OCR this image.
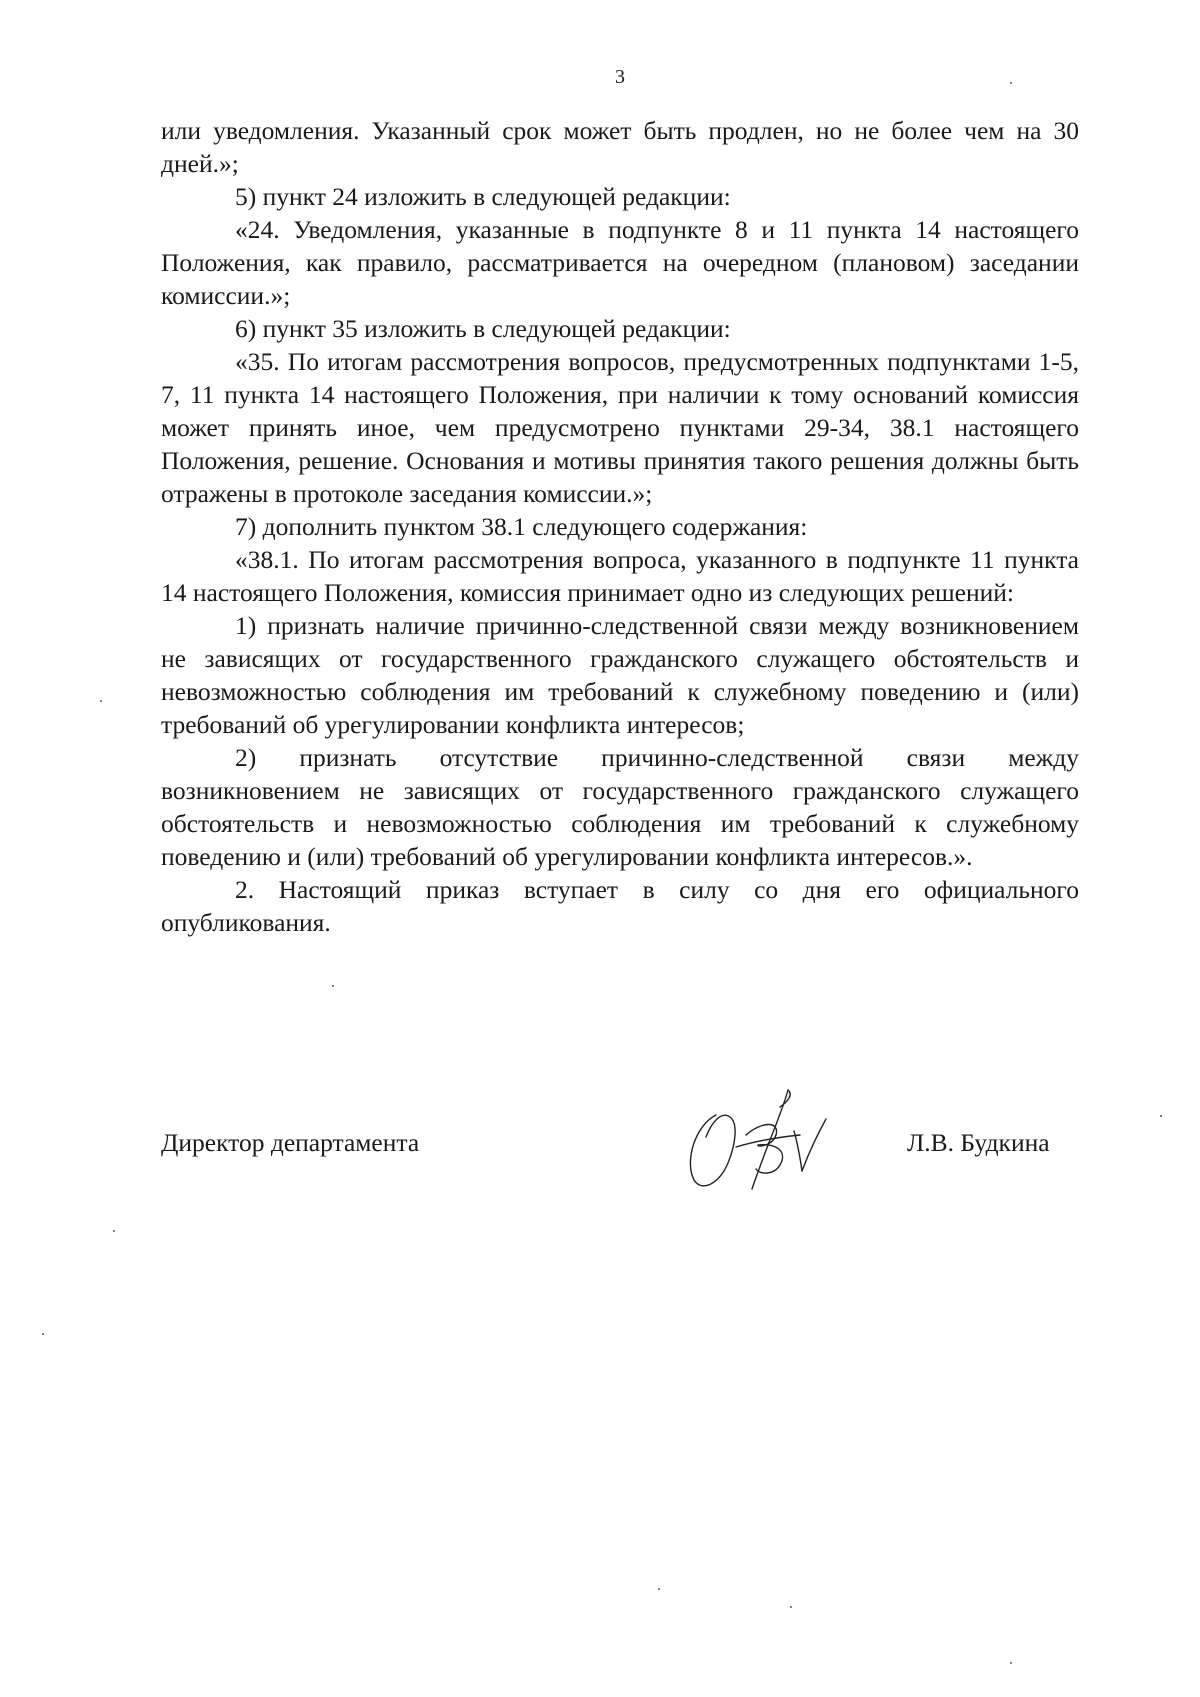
3

или уведомления. Указанный срок может быть продлен, но не более чем на 30 дней.»;

5) пункт 24 изложить в следующей редакции:

«24. Уведомления, указанные в подпункте 8 и 11 пункта 14 настоящего Положения, как правило, рассматривается на очередном (плановом) заседании комиссии.»;

6) пункт 35 изложить в следующей редакции:

«35. По итогам рассмотрения вопросов, предусмотренных подпунктами 1-5, 7, 11 пункта 14 настоящего Положения, при наличии к тому оснований комиссия может принять иное, чем предусмотрено пунктами 29-34, 38.1 настоящего Положения, решение. Основания и мотивы принятия такого решения должны быть отражены в протоколе заседания комиссии.»;

7) дополнить пунктом 38.1 следующего содержания:

«38.1. По итогам рассмотрения вопроса, указанного в подпункте 11 пункта 14 настоящего Положения, комиссия принимает одно из следующих решений:

1) признать наличие причинно-следственной связи между возникновением не зависящих от государственного гражданского служащего обстоятельств и невозможностью соблюдения им требований к служебному поведению и (или) требований об урегулировании конфликта интересов;

2) признать отсутствие причинно-следственной связи между возникновением не зависящих от государственного гражданского служащего обстоятельств и невозможностью соблюдения им требований к служебному поведению и (или) требований об урегулировании конфликта интересов.».

2. Настоящий приказ вступает в силу со дня его официального опубликования.

Директор департамента	Л.В. Будкина
